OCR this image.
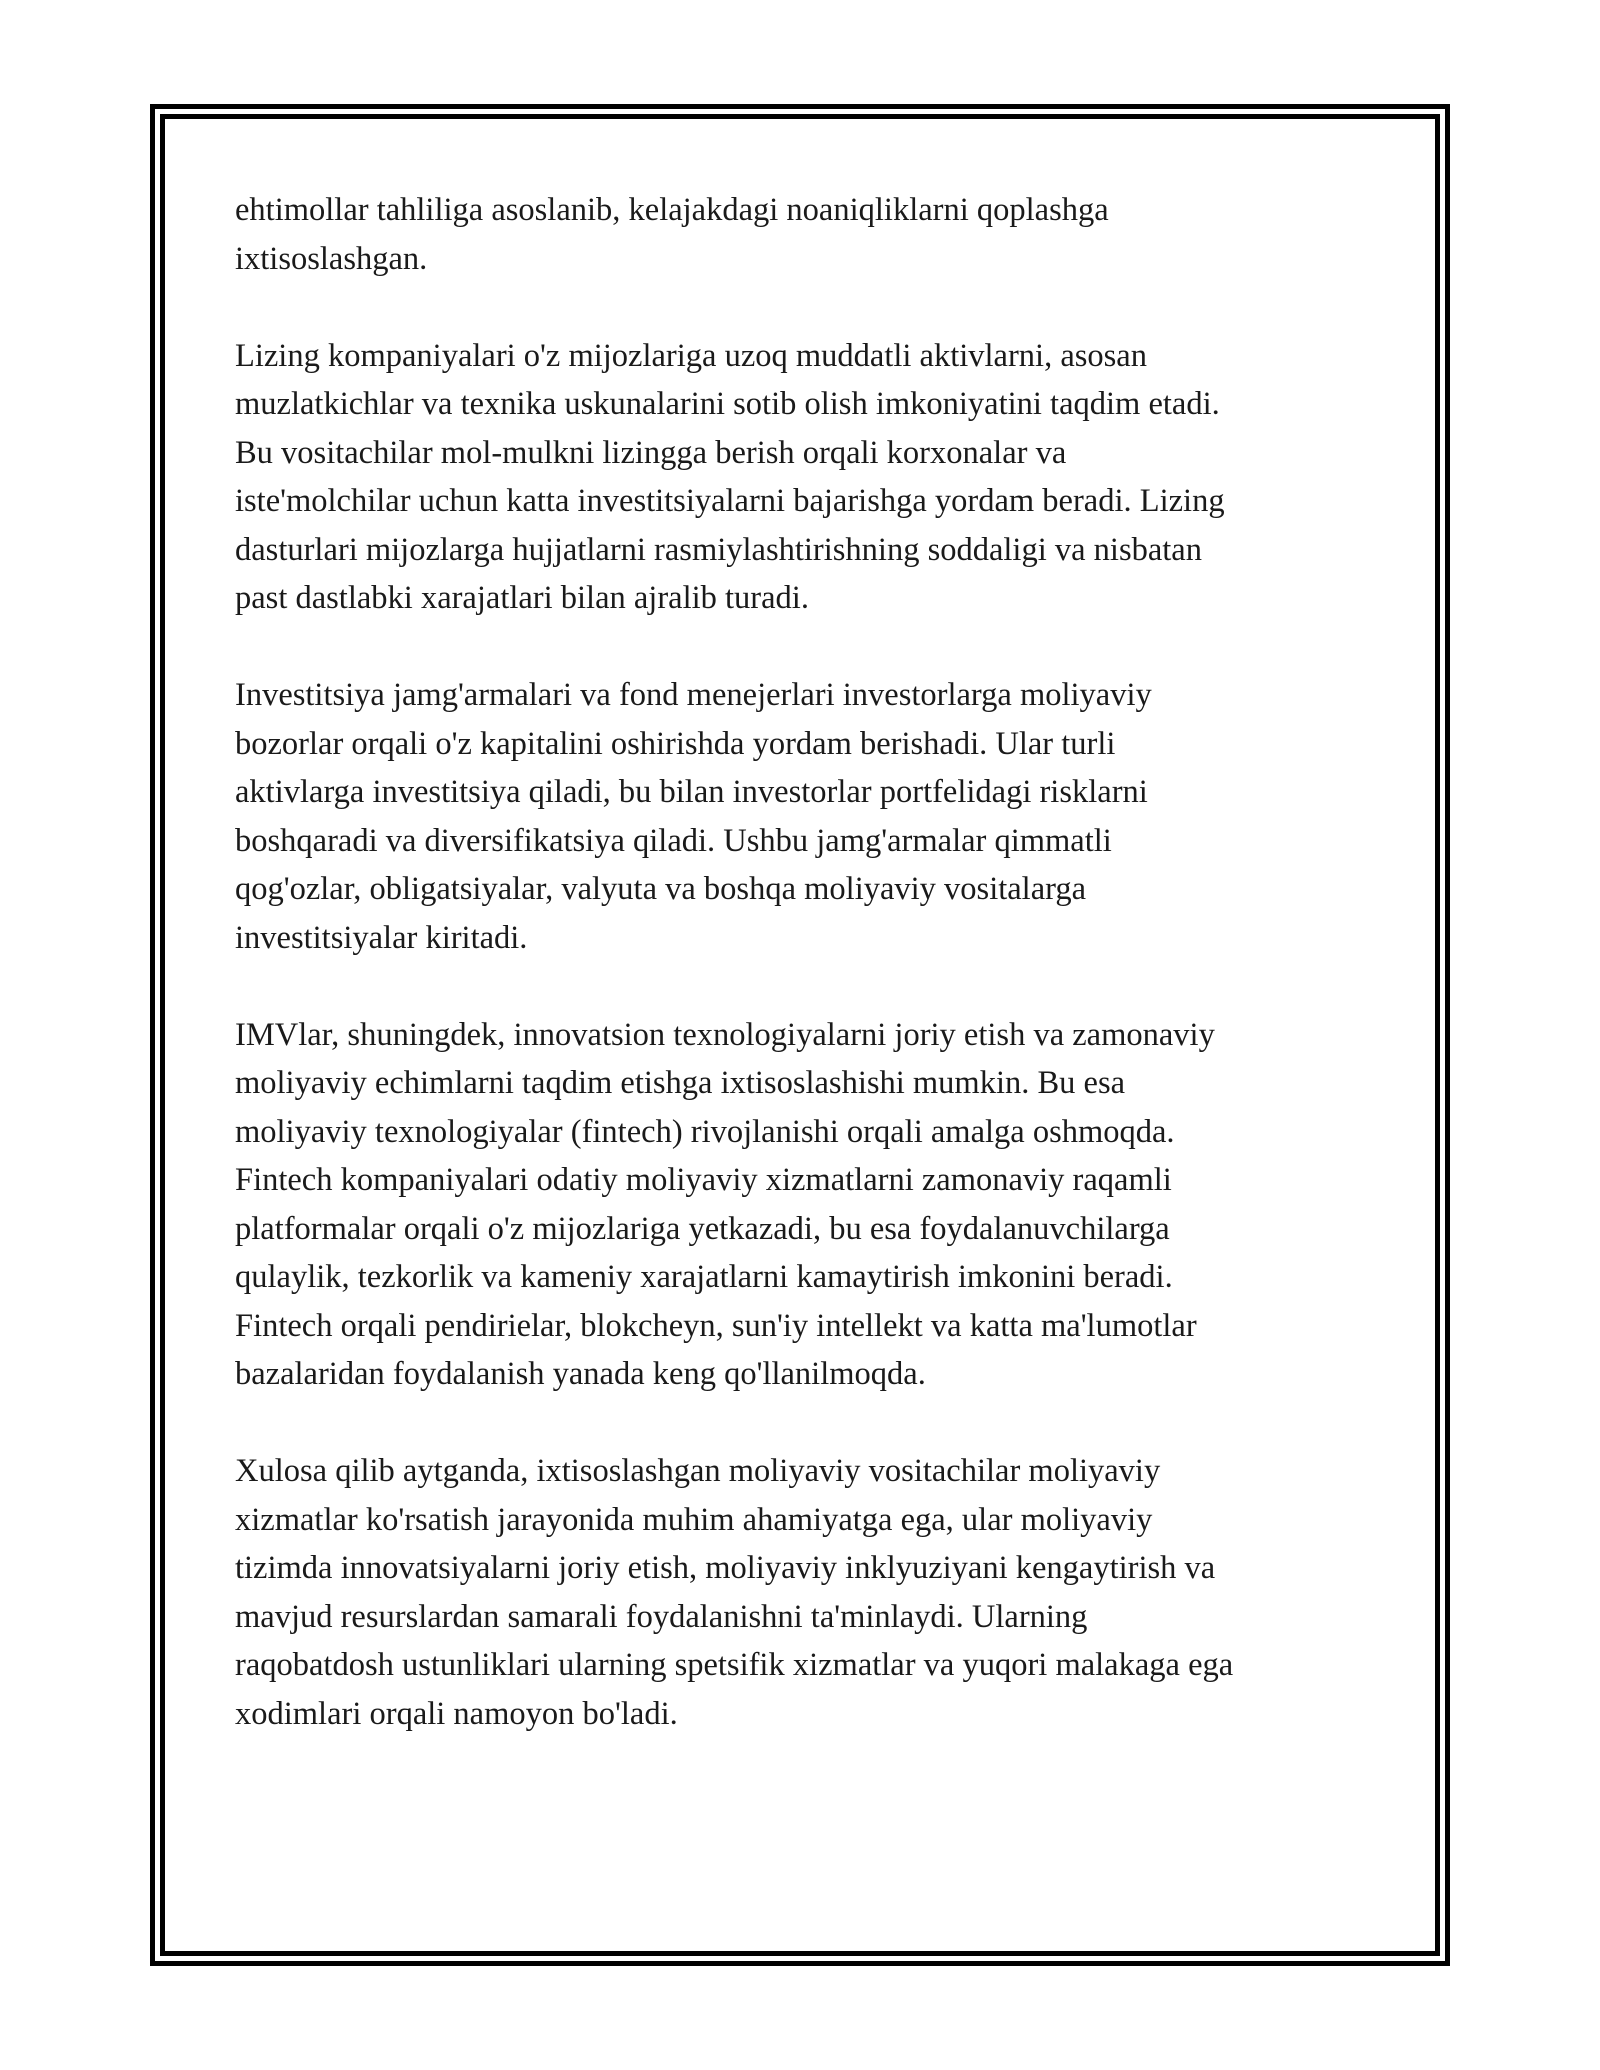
ehtimollar tahliliga asoslanib, kelajakdagi noaniqliklarni qoplashga
ixtisoslashgan.

Lizing kompaniyalari o'z mijozlariga uzoq muddatli aktivlarni, asosan
muzlatkichlar va texnika uskunalarini sotib olish imkoniyatini taqdim etadi.
Bu vositachilar mol-mulkni lizingga berish orqali korxonalar va
iste'molchilar uchun katta investitsiyalarni bajarishga yordam beradi. Lizing
dasturlari mijozlarga hujjatlarni rasmiylashtirishning soddaligi va nisbatan
past dastlabki xarajatlari bilan ajralib turadi.

Investitsiya jamg'armalari va fond menejerlari investorlarga moliyaviy
bozorlar orqali o'z kapitalini oshirishda yordam berishadi. Ular turli
aktivlarga investitsiya qiladi, bu bilan investorlar portfelidagi risklarni
boshqaradi va diversifikatsiya qiladi. Ushbu jamg'armalar qimmatli
qog'ozlar, obligatsiyalar, valyuta va boshqa moliyaviy vositalarga
investitsiyalar kiritadi.

IMVlar, shuningdek, innovatsion texnologiyalarni joriy etish va zamonaviy
moliyaviy echimlarni taqdim etishga ixtisoslashishi mumkin. Bu esa
moliyaviy texnologiyalar (fintech) rivojlanishi orqali amalga oshmoqda.
Fintech kompaniyalari odatiy moliyaviy xizmatlarni zamonaviy raqamli
platformalar orqali o'z mijozlariga yetkazadi, bu esa foydalanuvchilarga
qulaylik, tezkorlik va kameniy xarajatlarni kamaytirish imkonini beradi.
Fintech orqali pendirielar, blokcheyn, sun'iy intellekt va katta ma'lumotlar
bazalaridan foydalanish yanada keng qo'llanilmoqda.

Xulosa qilib aytganda, ixtisoslashgan moliyaviy vositachilar moliyaviy
xizmatlar ko'rsatish jarayonida muhim ahamiyatga ega, ular moliyaviy
tizimda innovatsiyalarni joriy etish, moliyaviy inklyuziyani kengaytirish va
mavjud resurslardan samarali foydalanishni ta'minlaydi. Ularning
raqobatdosh ustunliklari ularning spetsifik xizmatlar va yuqori malakaga ega
xodimlari orqali namoyon bo'ladi.
